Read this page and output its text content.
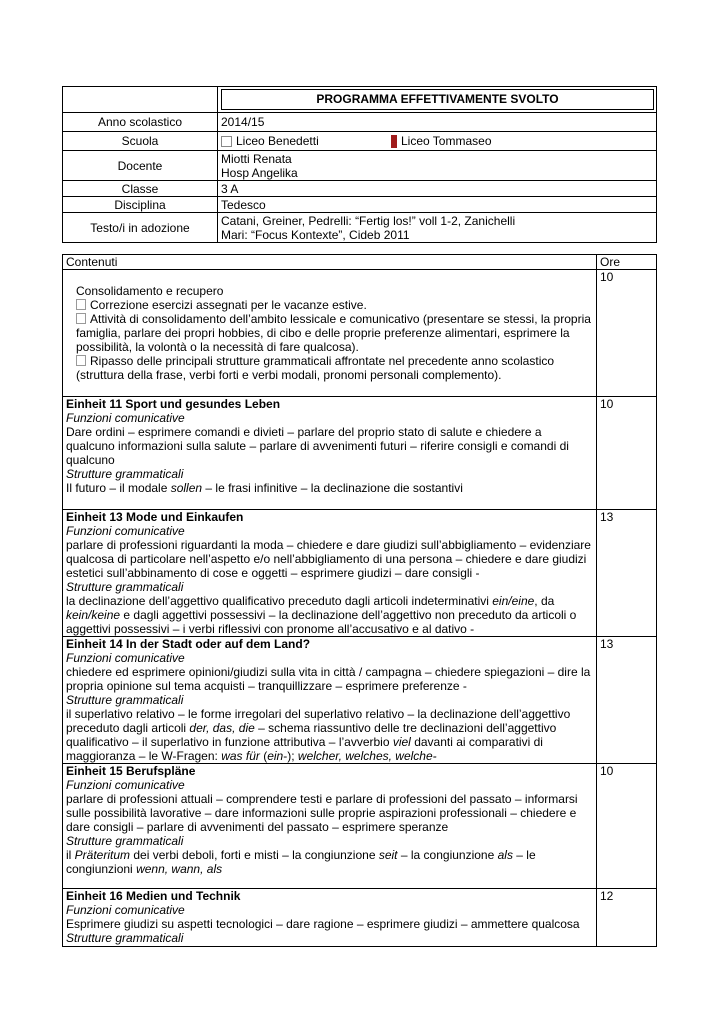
	PROGRAMMA EFFETTIVAMENTE SVOLTO

Anno scolastico	2014/15
Scuola	Liceo Benedetti Liceo Tommaseo

Docente	Miotti Renata
Hosp Angelika

Classe	3 A
Disciplina	Tedesco
Testo/i in adozione	Catani, Greiner, Pedrelli: “Fertig los!” voll 1-2, Zanichelli
Mari: “Focus Kontexte”, Cideb 2011
Contenuti	Ore

Consolidamento e recupero

Correzione esercizi assegnati per le vacanze estive.

Attività di consolidamento dell’ambito lessicale e comunicativo (presentare se stessi, la propria famiglia, parlare dei propri hobbies, di cibo e delle proprie preferenze alimentari, esprimere la possibilità, la volontà o la necessità di fare qualcosa).

Ripasso delle principali strutture grammaticali affrontate nel precedente anno scolastico (struttura della frase, verbi forti e verbi modali, pronomi personali complemento).	10

Einheit 11 Sport und gesundes Leben

Funzioni comunicative

Dare ordini – esprimere comandi e divieti – parlare del proprio stato di salute e chiedere a qualcuno informazioni sulla salute – parlare di avvenimenti futuri – riferire consigli e comandi di qualcuno

Strutture grammaticali

Il futuro – il modale sollen – le frasi infinitive – la declinazione die sostantivi	10

Einheit 13 Mode und Einkaufen

Funzioni comunicative

parlare di professioni riguardanti la moda – chiedere e dare giudizi sull’abbigliamento – evidenziare qualcosa di particolare nell’aspetto e/o nell’abbigliamento di una persona – chiedere e dare giudizi estetici sull’abbinamento di cose e oggetti – esprimere giudizi – dare consigli -

Strutture grammaticali

la declinazione dell’aggettivo qualificativo preceduto dagli articoli indeterminativi ein/eine, da kein/keine e dagli aggettivi possessivi – la declinazione dell’aggettivo non preceduto da articoli o aggettivi possessivi – i verbi riflessivi con pronome all’accusativo e al dativo -	13

Einheit 14 In der Stadt oder auf dem Land?

Funzioni comunicative

chiedere ed esprimere opinioni/giudizi sulla vita in città / campagna – chiedere spiegazioni – dire la propria opinione sul tema acquisti – tranquillizzare – esprimere preferenze -

Strutture grammaticali

il superlativo relativo – le forme irregolari del superlativo relativo – la declinazione dell’aggettivo preceduto dagli articoli der, das, die – schema riassuntivo delle tre declinazioni dell’aggettivo qualificativo – il superlativo in funzione attributiva – l’avverbio viel davanti ai comparativi di maggioranza – le W-Fragen: was für (ein-); welcher, welches, welche-	13

Einheit 15 Berufspläne

Funzioni comunicative

parlare di professioni attuali – comprendere testi e parlare di professioni del passato – informarsi sulle possibilità lavorative – dare informazioni sulle proprie aspirazioni professionali – chiedere e dare consigli – parlare di avvenimenti del passato – esprimere speranze

Strutture grammaticali

il Präteritum dei verbi deboli, forti e misti – la congiunzione seit – la congiunzione als – le congiunzioni wenn, wann, als	10

Einheit 16 Medien und Technik

Funzioni comunicative

Esprimere giudizi su aspetti tecnologici – dare ragione – esprimere giudizi – ammettere qualcosa

Strutture grammaticali	12
